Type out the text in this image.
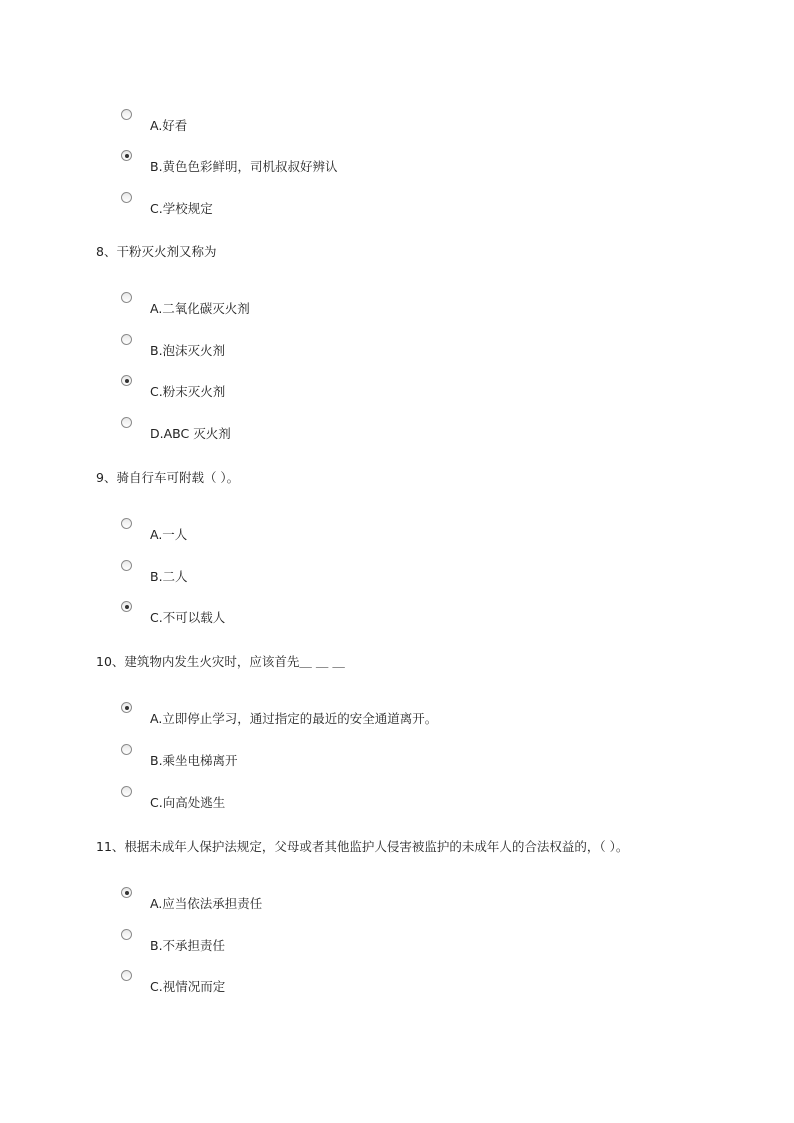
A.好看
B.黄色色彩鲜明，司机叔叔好辨认
C.学校规定
8、干粉灭火剂又称为
A.二氧化碳灭火剂
B.泡沫灭火剂
C.粉末灭火剂
D.ABC 灭火剂
9、骑自行车可附载（ ）。
A.一人
B.二人
C.不可以载人
10、建筑物内发生火灾时，应该首先＿ ＿ ＿
A.立即停止学习，通过指定的最近的安全通道离开。
B.乘坐电梯离开
C.向高处逃生
11、根据未成年人保护法规定，父母或者其他监护人侵害被监护的未成年人的合法权益的，（ ）。
A.应当依法承担责任
B.不承担责任
C.视情况而定
